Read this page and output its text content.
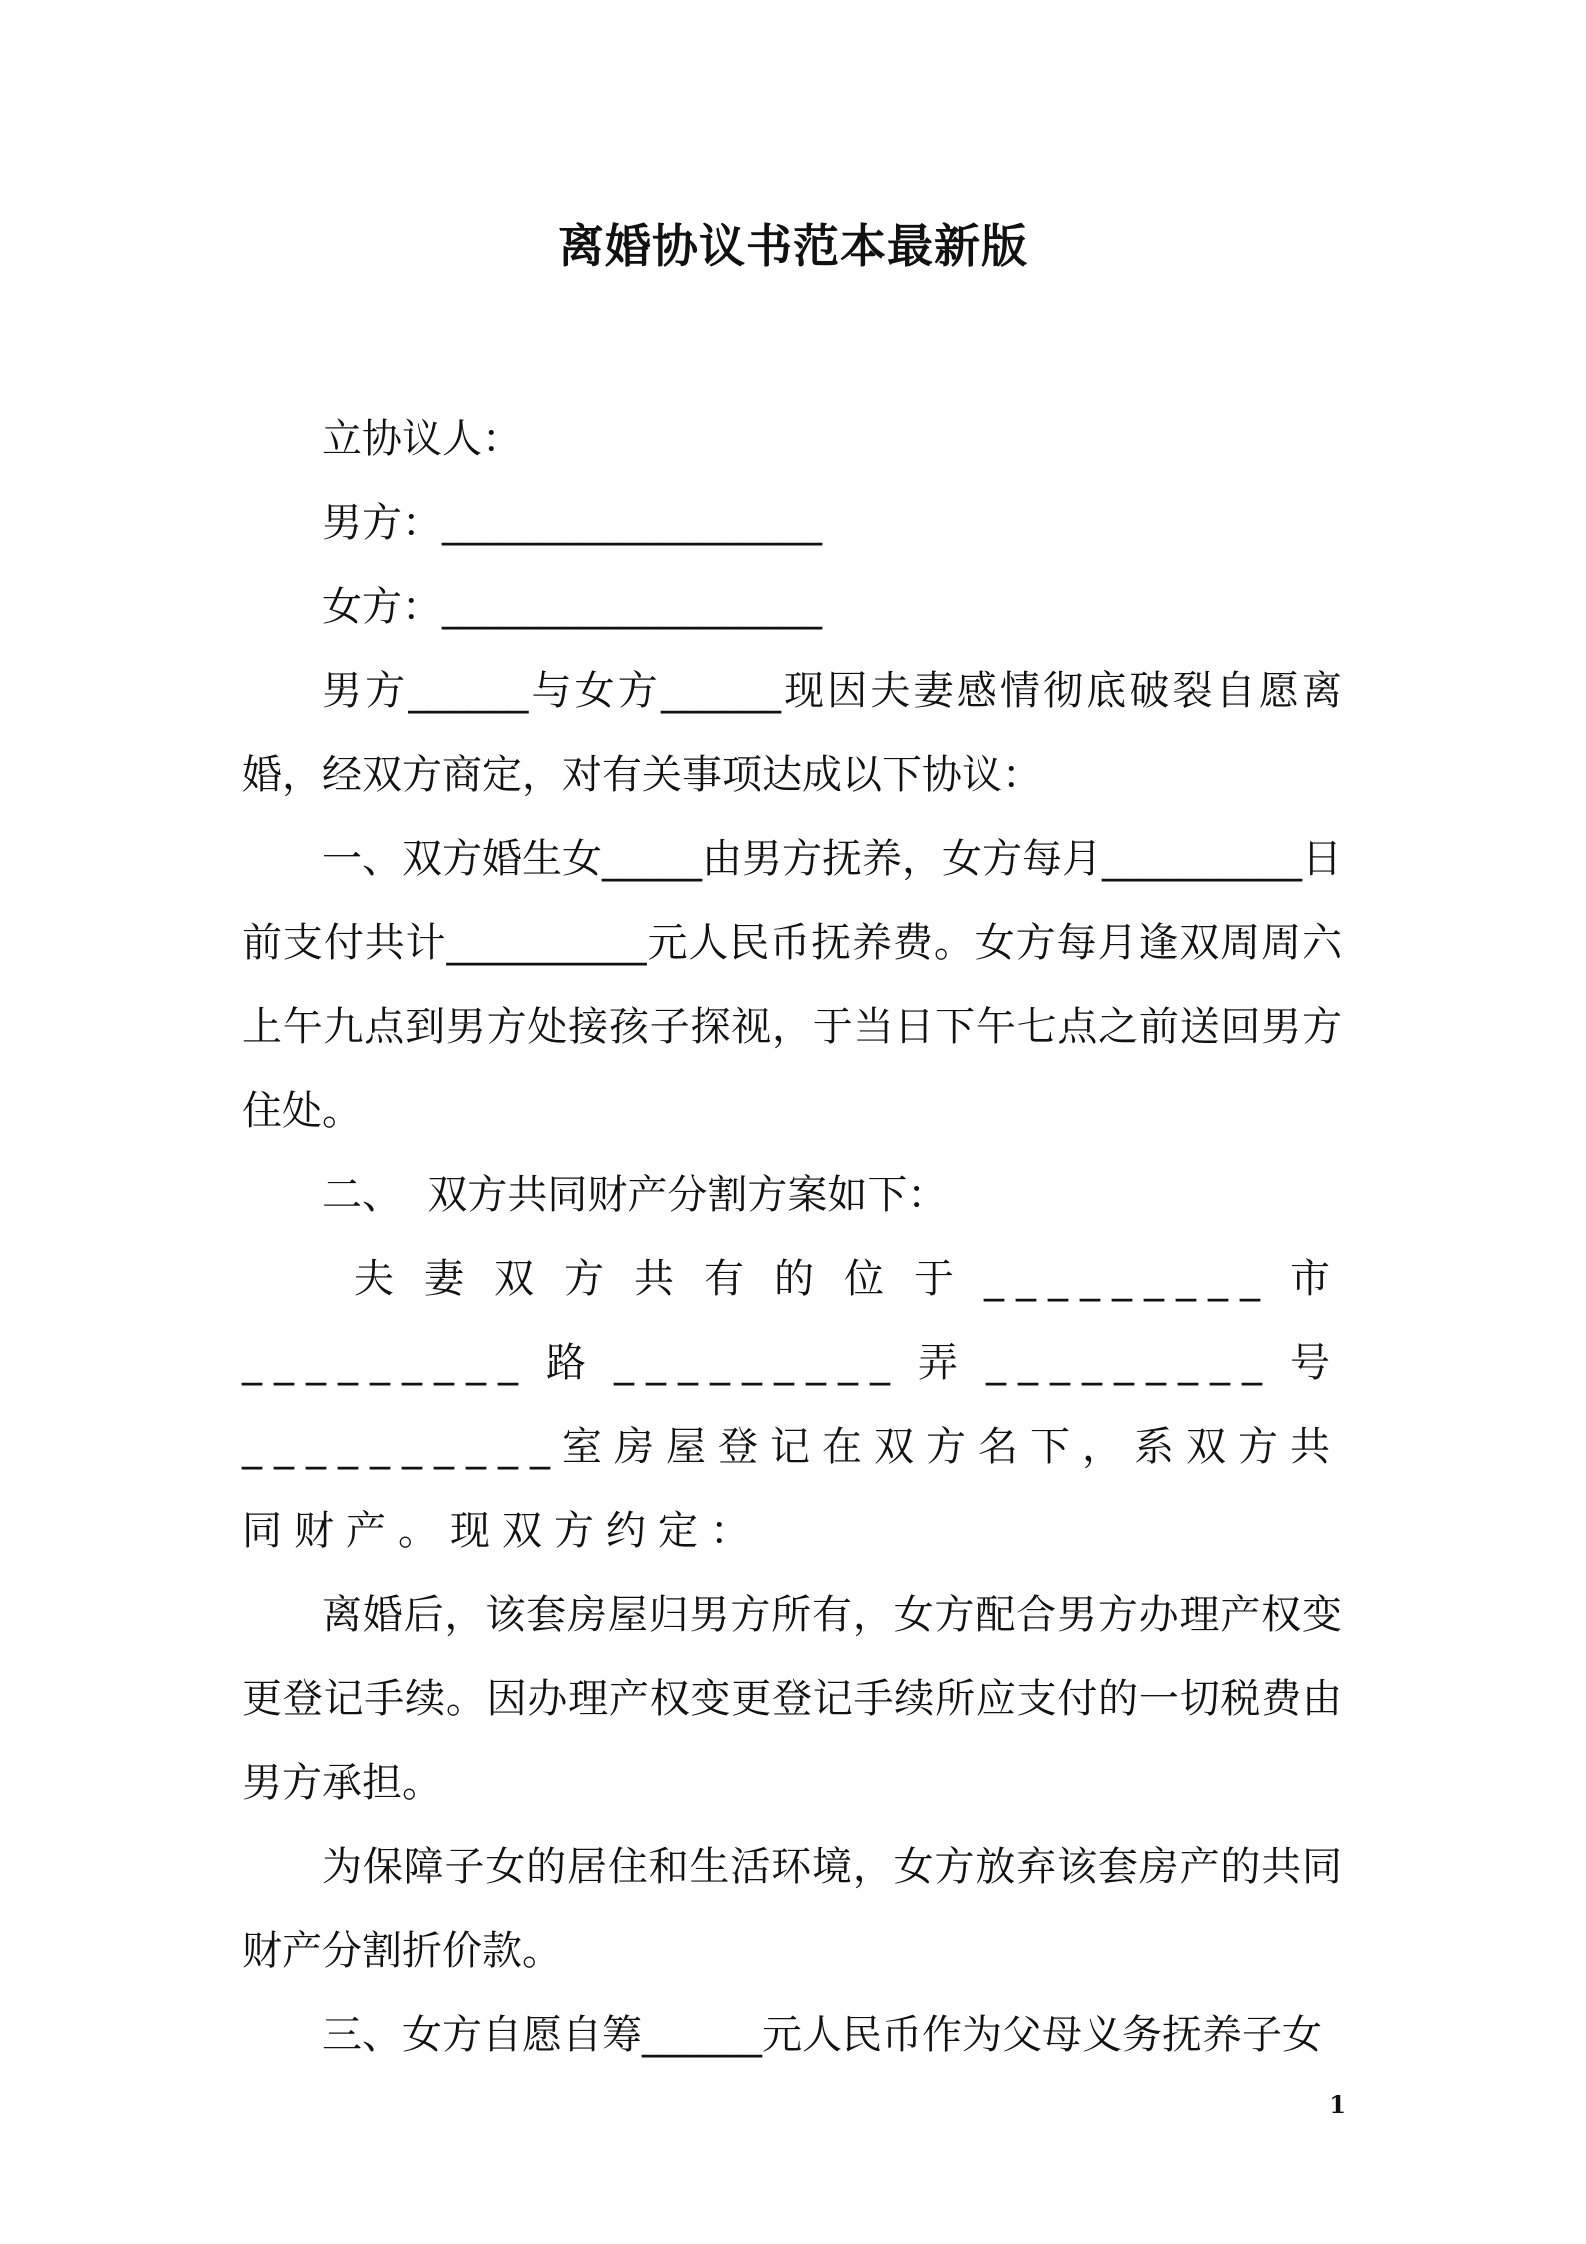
离婚协议书范本最新版

立协议人：

男方：___________________

女方：___________________

男方______与女方______现因夫妻感情彻底破裂自愿离婚，经双方商定，对有关事项达成以下协议：

一、双方婚生女_____由男方抚养，女方每月__________日前支付共计__________元人民币抚养费。女方每月逢双周周六上午九点到男方处接孩子探视，于当日下午七点之前送回男方住处。

二、  双方共同财产分割方案如下：

夫妻双方共有的位于_________市_________路_________弄_________号__________室房屋登记在双方名下，系双方共同财产。现双方约定：

离婚后，该套房屋归男方所有，女方配合男方办理产权变更登记手续。因办理产权变更登记手续所应支付的一切税费由男方承担。

为保障子女的居住和生活环境，女方放弃该套房产的共同财产分割折价款。

三、女方自愿自筹______元人民币作为父母义务抚养子女

1
